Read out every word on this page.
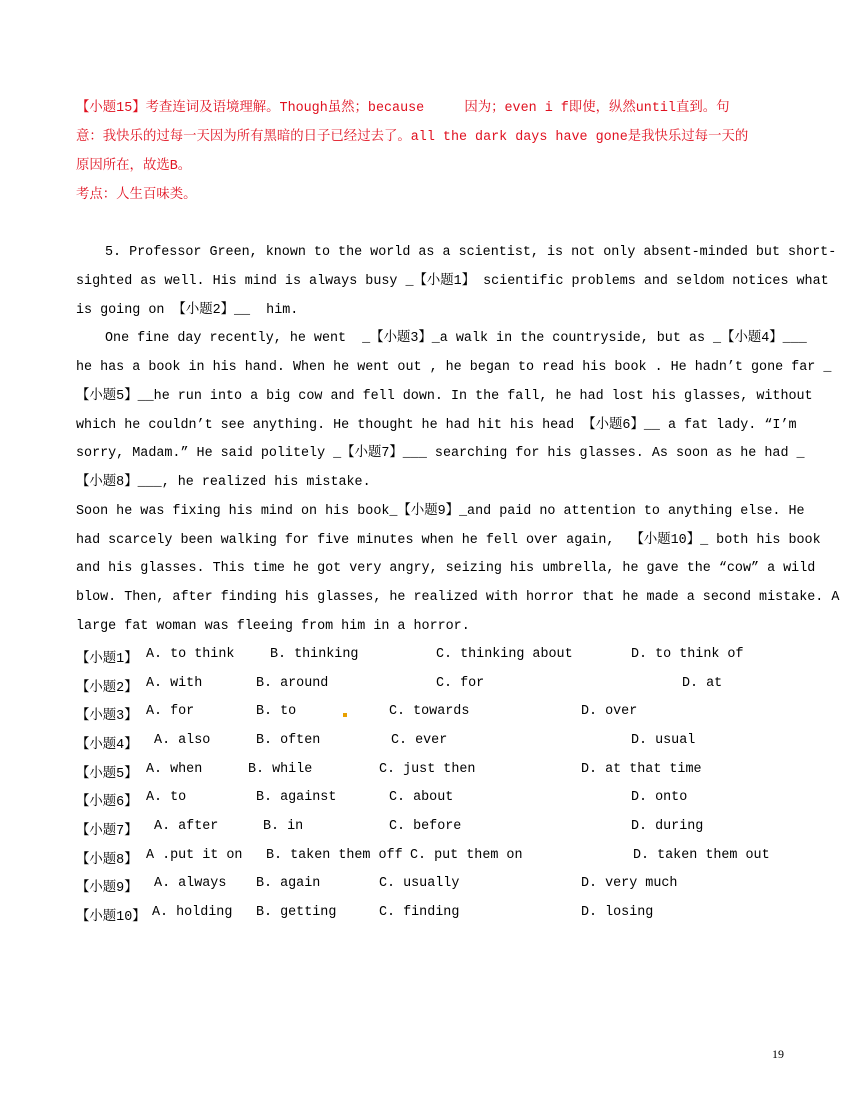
【小题15】考查连词及语境理解。Though虽然；because     因为；even i f即使，纵然until直到。句
意：我快乐的过每一天因为所有黑暗的日子已经过去了。all the dark days have gone是我快乐过每一天的
原因所在，故选B。
考点：人生百味类。
5. Professor Green, known to the world as a scientist, is not only absent-minded but short-
sighted as well. His mind is always busy _【小题1】 scientific problems and seldom notices what
is going on 【小题2】__  him.
One fine day recently, he went  _【小题3】_a walk in the countryside, but as _【小题4】___
he has a book in his hand. When he went out , he began to read his book . He hadn’t gone far _
【小题5】__he run into a big cow and fell down. In the fall, he had lost his glasses, without
which he couldn’t see anything. He thought he had hit his head 【小题6】__ a fat lady. “I’m
sorry, Madam.” He said politely _【小题7】___ searching for his glasses. As soon as he had _
【小题8】___, he realized his mistake.
Soon he was fixing his mind on his book_【小题9】_and paid no attention to anything else. He
had scarcely been walking for five minutes when he fell over again,  【小题10】_ both his book
and his glasses. This time he got very angry, seizing his umbrella, he gave the “cow” a wild
blow. Then, after finding his glasses, he realized with horror that he made a second mistake. A
large fat woman was fleeing from him in a horror.
【小题1】 A. to think	B. thinking	C. thinking about	D. to think of
【小题2】 A. with	B. around	C. for	D. at
【小题3】 A. for	B. to	C. towards	D. over
【小题4】 A. also	B. often	C. ever	D. usual
【小题5】 A. when	B. while	C. just then	D. at that time
【小题6】 A. to	B. against	C. about	D. onto
【小题7】 A. after	B. in	C. before	D. during
【小题8】 A .put it on B. taken them off C. put them on	D. taken them out
【小题9】 A. always B. again	C. usually	D. very much
【小题10】 A. holding B. getting	C. finding	D. losing
19
